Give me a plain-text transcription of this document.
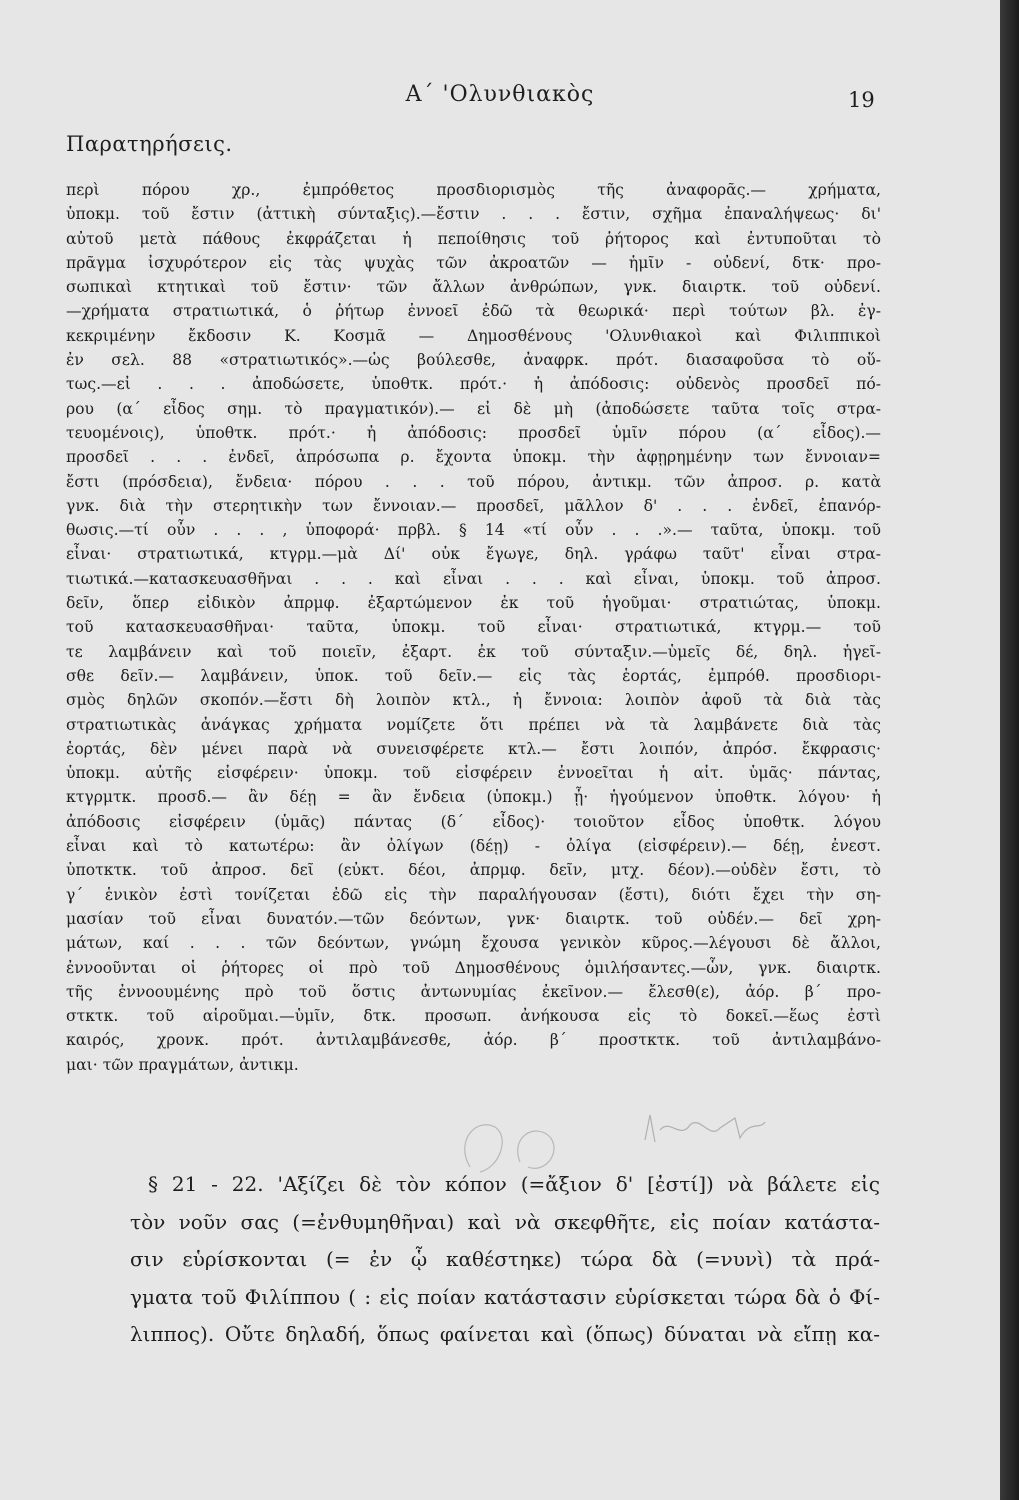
Α΄ 'Ολυνθιακὸς	19
Παρατηρήσεις.
περὶ πόρου χρ., ἐμπρόθετος προσδιορισμὸς τῆς ἀναφορᾶς.— χρήματα,
ὑποκμ. τοῦ ἔστιν (ἀττικὴ σύνταξις).—ἔστιν . . . ἔστιν, σχῆμα ἐπαναλήψεως· δι'
αὐτοῦ μετὰ πάθους ἐκφράζεται ἡ πεποίθησις τοῦ ῥήτορος καὶ ἐντυποῦται τὸ
πρᾶγμα ἰσχυρότερον εἰς τὰς ψυχὰς τῶν ἀκροατῶν — ἡμῖν - οὐδενί, δτκ· προ-
σωπικαὶ κτητικαὶ τοῦ ἔστιν· τῶν ἄλλων ἀνθρώπων, γνκ. διαιρτκ. τοῦ οὐδενί.
—χρήματα στρατιωτικά, ὁ ῥήτωρ ἐννοεῖ ἐδῶ τὰ θεωρικά· περὶ τούτων βλ. ἐγ-
κεκριμένην ἔκδοσιν Κ. Κοσμᾶ — Δημοσθένους 'Ολυνθιακοὶ καὶ Φιλιππικοὶ
ἐν σελ. 88 «στρατιωτικός».—ὡς βούλεσθε, ἀναφρκ. πρότ. διασαφοῦσα τὸ οὕ-
τως.—εἰ . . . ἀποδώσετε, ὑποθτκ. πρότ.· ἡ ἀπόδοσις: οὐδενὸς προσδεῖ πό-
ρου (α΄ εἶδος σημ. τὸ πραγματικόν).— εἰ δὲ μὴ (ἀποδώσετε ταῦτα τοῖς στρα-
τευομένοις), ὑποθτκ. πρότ.· ἡ ἀπόδοσις: προσδεῖ ὑμῖν πόρου (α΄ εἶδος).—
προσδεῖ . . . ἐνδεῖ, ἀπρόσωπα ρ. ἔχοντα ὑποκμ. τὴν ἀφῃρημένην των ἔννοιαν=
ἔστι (πρόσδεια), ἔνδεια· πόρου . . . τοῦ πόρου, ἀντικμ. τῶν ἀπροσ. ρ. κατὰ
γνκ. διὰ τὴν στερητικὴν των ἔννοιαν.— προσδεῖ, μᾶλλον δ' . . . ἐνδεῖ, ἐπανόρ-
θωσις.—τί οὖν . . . , ὑποφορά· πρβλ. § 14 «τί οὖν . . .».— ταῦτα, ὑποκμ. τοῦ
εἶναι· στρατιωτικά, κτγρμ.—μὰ Δί' οὐκ ἔγωγε, δηλ. γράφω ταῦτ' εἶναι στρα-
τιωτικά.—κατασκευασθῆναι . . . καὶ εἶναι . . . καὶ εἶναι, ὑποκμ. τοῦ ἀπροσ.
δεῖν, ὅπερ εἰδικὸν ἀπρμφ. ἐξαρτώμενον ἐκ τοῦ ἡγοῦμαι· στρατιώτας, ὑποκμ.
τοῦ κατασκευασθῆναι· ταῦτα, ὑποκμ. τοῦ εἶναι· στρατιωτικά, κτγρμ.— τοῦ
τε λαμβάνειν καὶ τοῦ ποιεῖν, ἐξαρτ. ἐκ τοῦ σύνταξιν.—ὑμεῖς δέ, δηλ. ἡγεῖ-
σθε δεῖν.— λαμβάνειν, ὑποκ. τοῦ δεῖν.— εἰς τὰς ἑορτάς, ἐμπρόθ. προσδιορι-
σμὸς δηλῶν σκοπόν.—ἔστι δὴ λοιπὸν κτλ., ἡ ἔννοια: λοιπὸν ἀφοῦ τὰ διὰ τὰς
στρατιωτικὰς ἀνάγκας χρήματα νομίζετε ὅτι πρέπει νὰ τὰ λαμβάνετε διὰ τὰς
ἑορτάς, δὲν μένει παρὰ νὰ συνεισφέρετε κτλ.— ἔστι λοιπόν, ἀπρόσ. ἔκφρασις·
ὑποκμ. αὐτῆς εἰσφέρειν· ὑποκμ. τοῦ εἰσφέρειν ἐννοεῖται ἡ αἰτ. ὑμᾶς· πάντας,
κτγρμτκ. προσδ.— ἂν δέῃ = ἂν ἔνδεια (ὑποκμ.) ᾖ· ἡγούμενον ὑποθτκ. λόγου· ἡ
ἀπόδοσις εἰσφέρειν (ὑμᾶς) πάντας (δ΄ εἶδος)· τοιοῦτον εἶδος ὑποθτκ. λόγου
εἶναι καὶ τὸ κατωτέρω: ἂν ὀλίγων (δέῃ) - ὀλίγα (εἰσφέρειν).— δέῃ, ἐνεστ.
ὑποτκτκ. τοῦ ἀπροσ. δεῖ (εὐκτ. δέοι, ἀπρμφ. δεῖν, μτχ. δέον).—οὐδὲν ἔστι, τὸ
γ΄ ἑνικὸν ἐστὶ τονίζεται ἐδῶ εἰς τὴν παραλήγουσαν (ἔστι), διότι ἔχει τὴν ση-
μασίαν τοῦ εἶναι δυνατόν.—τῶν δεόντων, γνκ· διαιρτκ. τοῦ οὐδέν.— δεῖ χρη-
μάτων, καί . . . τῶν δεόντων, γνώμη ἔχουσα γενικὸν κῦρος.—λέγουσι δὲ ἄλλοι,
ἐννοοῦνται οἱ ῥήτορες οἱ πρὸ τοῦ Δημοσθένους ὁμιλήσαντες.—ὧν, γνκ. διαιρτκ.
τῆς ἐννοουμένης πρὸ τοῦ ὅστις ἀντωνυμίας ἐκεῖνον.— ἔλεσθ(ε), ἀόρ. β΄ προ-
στκτκ. τοῦ αἱροῦμαι.—ὑμῖν, δτκ. προσωπ. ἀνήκουσα εἰς τὸ δοκεῖ.—ἕως ἐστὶ
καιρός, χρονκ. πρότ. ἀντιλαμβάνεσθε, ἀόρ. β΄ προστκτκ. τοῦ ἀντιλαμβάνο-
μαι· τῶν πραγμάτων, ἀντικμ.
§ 21 - 22. 'Αξίζει δὲ τὸν κόπον (=ἄξιον δ' [ἐστί]) νὰ βάλετε εἰς
τὸν νοῦν σας (=ἐνθυμηθῆναι) καὶ νὰ σκεφθῆτε, εἰς ποίαν κατάστα-
σιν εὑρίσκονται (= ἐν ᾧ καθέστηκε) τώρα δὰ (=νυνὶ) τὰ πρά-
γματα τοῦ Φιλίππου ( : εἰς ποίαν κατάστασιν εὑρίσκεται τώρα δὰ ὁ Φί-
λιππος). Οὔτε δηλαδή, ὅπως φαίνεται καὶ (ὅπως) δύναται νὰ εἴπῃ κα-
